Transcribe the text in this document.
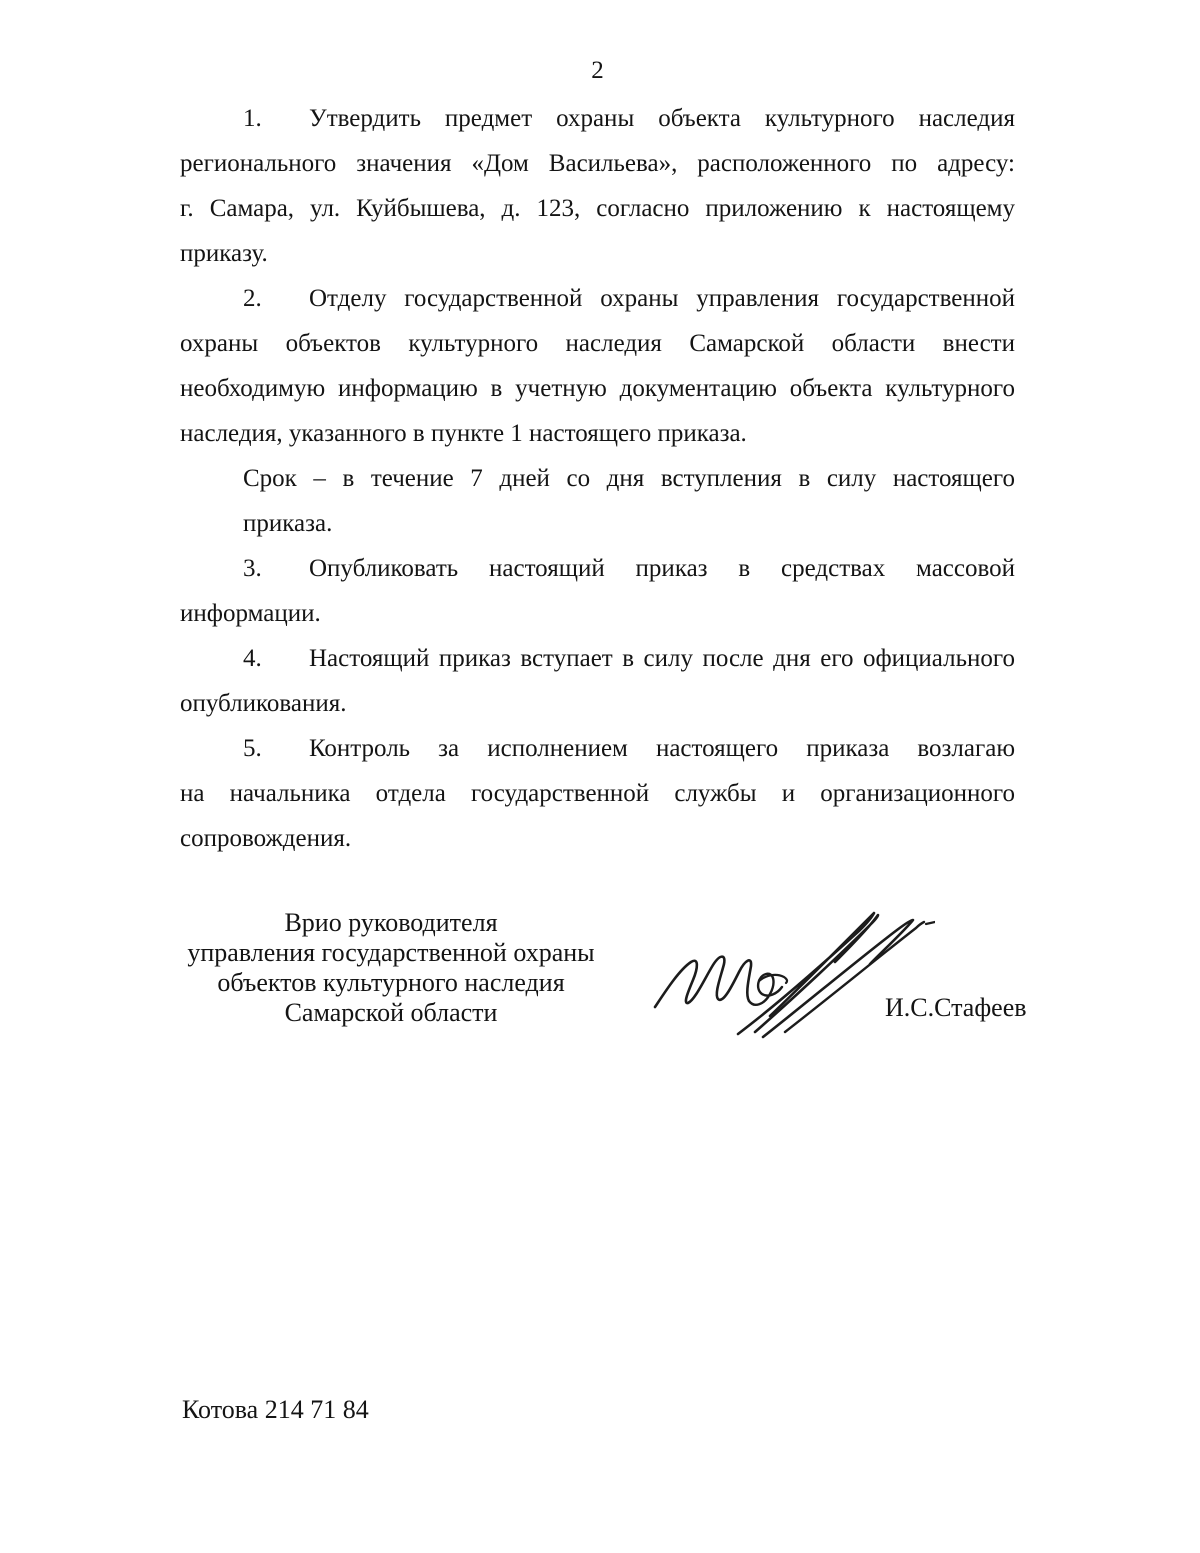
2
1. Утвердить предмет охраны объекта культурного наследия
регионального значения «Дом Васильева», расположенного по адресу:
г. Самара, ул. Куйбышева, д. 123, согласно приложению к настоящему
приказу.
2. Отделу государственной охраны управления государственной
охраны объектов культурного наследия Самарской области внести
необходимую информацию в учетную документацию объекта культурного
наследия, указанного в пункте 1 настоящего приказа.
Срок – в течение 7 дней со дня вступления в силу настоящего
приказа.
3. Опубликовать настоящий приказ в средствах массовой
информации.
4. Настоящий приказ вступает в силу после дня его официального
опубликования.
5. Контроль за исполнением настоящего приказа возлагаю
на начальника отдела государственной службы и организационного
сопровождения.
Врио руководителя
управления государственной охраны
объектов культурного наследия
Самарской области	И.С.Стафеев
Котова 214 71 84
